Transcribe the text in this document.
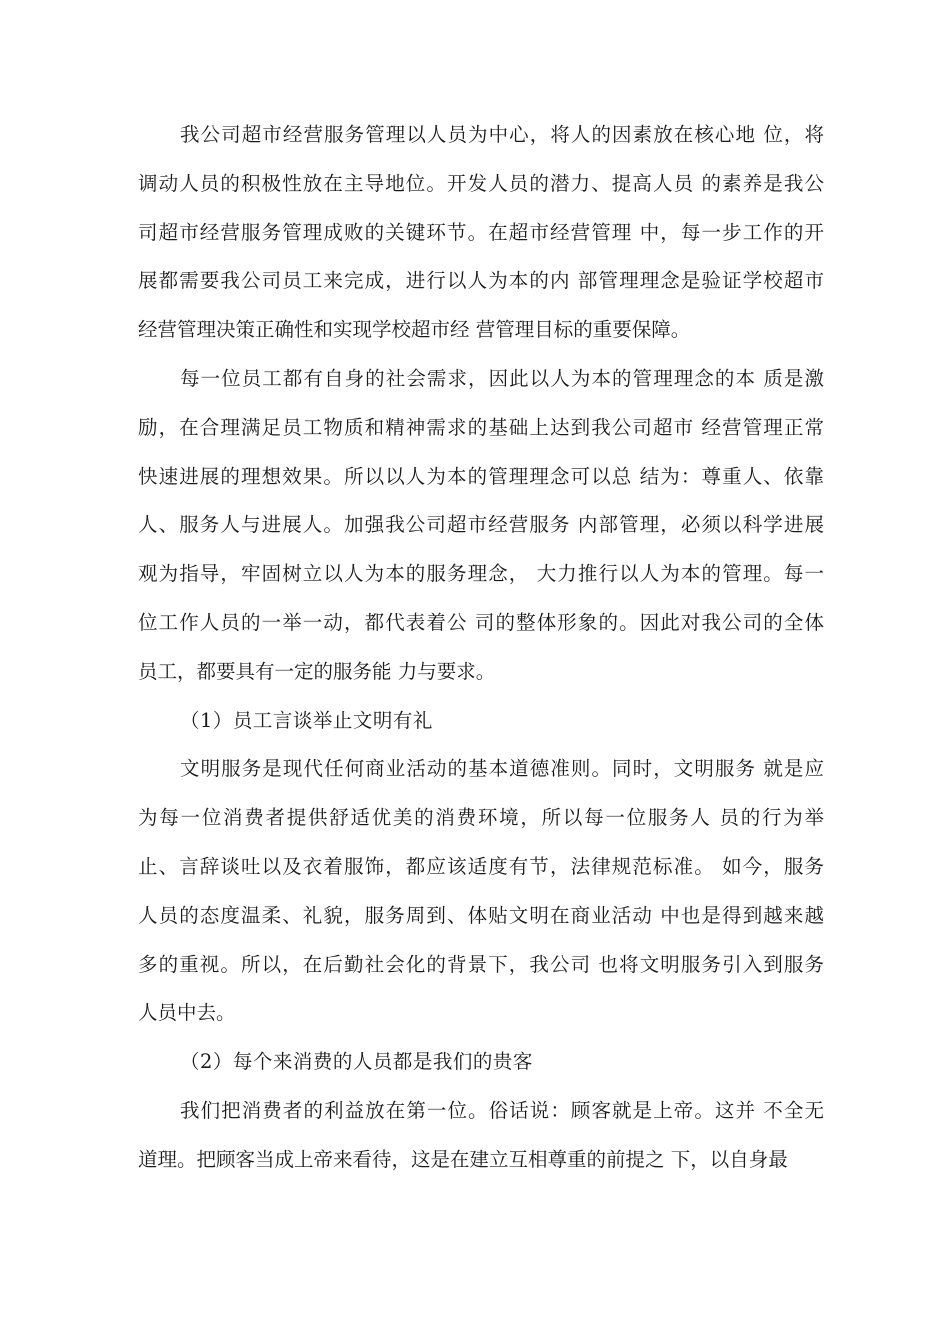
我公司超市经营服务管理以人员为中心，将人的因素放在核心地 位，将
调动人员的积极性放在主导地位。开发人员的潜力、提高人员 的素养是我公
司超市经营服务管理成败的关键环节。在超市经营管理 中，每一步工作的开
展都需要我公司员工来完成，进行以人为本的内 部管理理念是验证学校超市
经营管理决策正确性和实现学校超市经 营管理目标的重要保障。
每一位员工都有自身的社会需求，因此以人为本的管理理念的本 质是激
励，在合理满足员工物质和精神需求的基础上达到我公司超市 经营管理正常
快速进展的理想效果。所以以人为本的管理理念可以总 结为：尊重人、依靠
人、服务人与进展人。加强我公司超市经营服务 内部管理，必须以科学进展
观为指导，牢固树立以人为本的服务理念， 大力推行以人为本的管理。每一
位工作人员的一举一动，都代表着公 司的整体形象的。因此对我公司的全体
员工，都要具有一定的服务能 力与要求。
（1）员工言谈举止文明有礼
文明服务是现代任何商业活动的基本道德准则。同时，文明服务 就是应
为每一位消费者提供舒适优美的消费环境，所以每一位服务人 员的行为举
止、言辞谈吐以及衣着服饰，都应该适度有节，法律规范标准。 如今，服务
人员的态度温柔、礼貌，服务周到、体贴文明在商业活动 中也是得到越来越
多的重视。所以，在后勤社会化的背景下，我公司 也将文明服务引入到服务
人员中去。
（2）每个来消费的人员都是我们的贵客
我们把消费者的利益放在第一位。俗话说：顾客就是上帝。这并 不全无
道理。把顾客当成上帝来看待，这是在建立互相尊重的前提之 下，以自身最
